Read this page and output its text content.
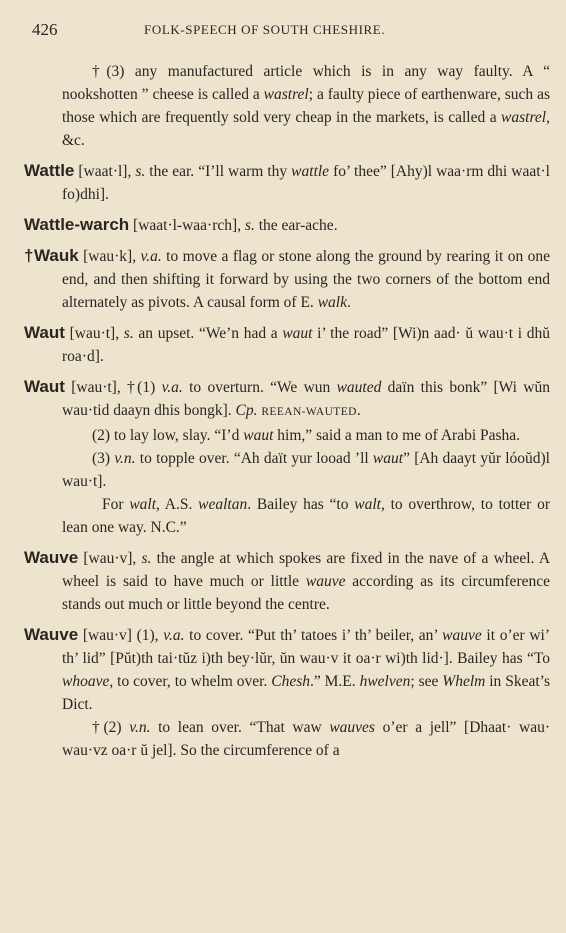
426	FOLK-SPEECH OF SOUTH CHESHIRE.

†(3) any manufactured article which is in any way faulty. A “ nookshotten ” cheese is called a wastrel; a faulty piece of earthenware, such as those which are frequently sold very cheap in the markets, is called a wastrel, &c.

Wattle [waat·l], s. the ear. “I’ll warm thy wattle fo’ thee” [Ahy)l waa·rm dhi waat·l fo)dhi].

Wattle-warch [waat·l-waa·rch], s. the ear-ache.

†Wauk [wau·k], v.a. to move a flag or stone along the ground by rearing it on one end, and then shifting it forward by using the two corners of the bottom end alternately as pivots. A causal form of E. walk.

Waut [wau·t], s. an upset. “We’n had a waut i’ the road” [Wi)n aad· ŭ wau·t i dhŭ roa·d].

Waut [wau·t], †(1) v.a. to overturn. “We wun wauted daïn this bonk” [Wi wŭn wau·tid daayn dhis bongk]. Cp. REEAN-WAUTED.

(2) to lay low, slay. “I’d waut him,” said a man to me of Arabi Pasha.

(3) v.n. to topple over. “Ah daït yur looad ’ll waut” [Ah daayt yŭr lóoŭd)l wau·t].

For walt, A.S. wealtan. Bailey has “to walt, to overthrow, to totter or lean one way. N.C.”

Wauve [wau·v], s. the angle at which spokes are fixed in the nave of a wheel. A wheel is said to have much or little wauve according as its circumference stands out much or little beyond the centre.

Wauve [wau·v] (1), v.a. to cover. “Put th’ tatoes i’ th’ beiler, an’ wauve it o’er wi’ th’ lid” [Pŭt)th tai·tŭz i)th bey·lŭr, ŭn wau·v it oa·r wi)th lid·]. Bailey has “To whoave, to cover, to whelm over. Chesh.” M.E. hwelven; see Whelm in Skeat’s Dict.

†(2) v.n. to lean over. “That waw wauves o’er a jell” [Dhaat· wau· wau·vz oa·r ŭ jel]. So the circumference of a
